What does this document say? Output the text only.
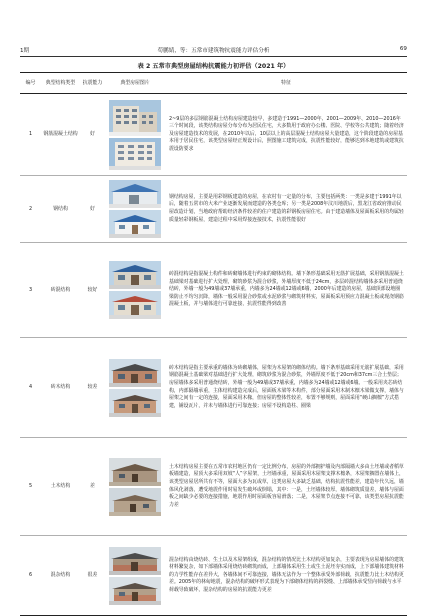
1期	苟鹏婧，等：五常市建筑物抗震能力评估分析	69
表 2 五常市典型房屋结构抗震能力初评估（2021 年）
编号	典型结构类型	抗震能力	典型房屋图片	特征
1	钢筋混凝土结构	好		2~9层的多层钢筋混凝土结构房屋建造较早，多建造于1991—2000年、2001—2009年、2010—2016年三个时间段，该类结构房屋分布分布为居民住宅，大多数用于政府办公楼、医院、学校等公共建筑；随着经济及房屋建造技术的发展，在2010年以后，10层以上的高层混凝土结构房屋大量建造，这个阶段建造的房屋基本用于居民住宅，该类型房屋经正规设计后，照图施工建筑完成，抗震性能较好，能够达到本地建筑或建筑抗震设防要求
2	钢结构	好		钢结构房屋，主要是用彩钢板建造的房屋，在农村有一定量的分布，主要包括两类：一类是多建于1991年以后，随着五常市的大米产业逐渐发展而建造的各类仓库；另一类是2008年汶川地震后，黑龙江省政府推动民屋改造计划，当地政府帮助经济条件较差的住户建造的彩钢板房屋住宅。由于建造墙体及屋面板采用的均属轻质量轻彩钢板屋，建造过程中采用焊接连接技术，抗震性能很好
3	砖混结构	较好		砖混结构是指混凝土构件和砖砌墙体进行约束的砌体结构。墙下条形基础采用无筋扩展基础，采用钢筋混凝土基础梁对基础进行扩大处理，砌筑砂浆为混合砂浆，外墙厚度不低于24cm，多层砖混结构墙体多采用普通烧结砖，外墙一般为49墙或37墙承重，内墙多为24墙或12墙或6墙，2000年后建造的房屋，基础顶部设地圈梁防止不均匀沉降，墙体一般采用混合砂浆或水泥砂浆与砌筑材料实，屋面板采用预应力混凝土板或现浇钢筋混凝土板，并与墙体进行可靠连接，抗震性能得到改善
4	砖木结构	较差		砖木结构是指主要承重的墙体为砖砌墙体，屋架为木屋架的砌体结构。墙下条形基础采用无筋扩展基础，采用钢筋混凝土基础梁对基础进行扩大处理，砌筑砂浆为混合砂浆，外墙厚度不低于20cm和37cm三合土垫层；房屋墙体多采用普通烧结砖，外墙一般为49墙或37墙承重，内墙多为24墙或12墙或6墙。一般采用夹芯砖结构，内部隔墙承重，主体结构建造完成后，屋面板木梁等木构件，部分屋面采用木制木檩木梁做支撑，墙体与屋架之间有一定的连接，屋面采用木椽，但房屋的整体性较差，布置不够规则，屋面采用“硬山搁檩”方式搭建，铺设瓦片，并未与墙体进行可靠连接；房屋不设构造柱、圈梁
5	土木结构	差		土木结构房屋主要在五常市农村地区仍有一定比例分布，房屋的外部拥护墙及内部隔墙大多由土坯墙或者稻草板墙建造，屋顶大多采用双坡“人”字屋架，土坯墙承重，屋面采用木屋架支撑木檩条，木屋架搁置在墙体上，该类型房屋居所共有不等，屋面大多为瓦或草，这类房屋大多缺乏基础，结构抗震性能差，建造年代久远，墙体风化剥落，遭受地震作用时易发生破坏或倒塌，其中：一是，土坯墙体较厚，墙体砌筑质量差，墙体与屋面板之间缺少必要的连接措施，地震作用时屋面板容易滑落；二是，木屋架节点连接不可靠，该类型房屋抗震能力差
6	混杂结构	很差		混杂结构由烧结砖、生土以及木屋架组成，混杂结构的情况比土木结构更加复杂，主要表现为房屋墙体的建筑材料繁复杂，如下部墙体采用烧结砖砌筑而成，上部墙体采用生土或生土泥坯夯实而成，上下部墙体建筑材料的力学性能存在差异大，各墙体间不可靠连接，墙体无法作为一个整体承受外部荷载，抗震能力比土木结构更差。2005年的林甸地震，混杂结构的破坏形式表现为下部砌体结构的斜裂缝、上部墙体承受竖向荷载与水平荷载导致破坏，混杂结构的房屋的抗震能力更差
